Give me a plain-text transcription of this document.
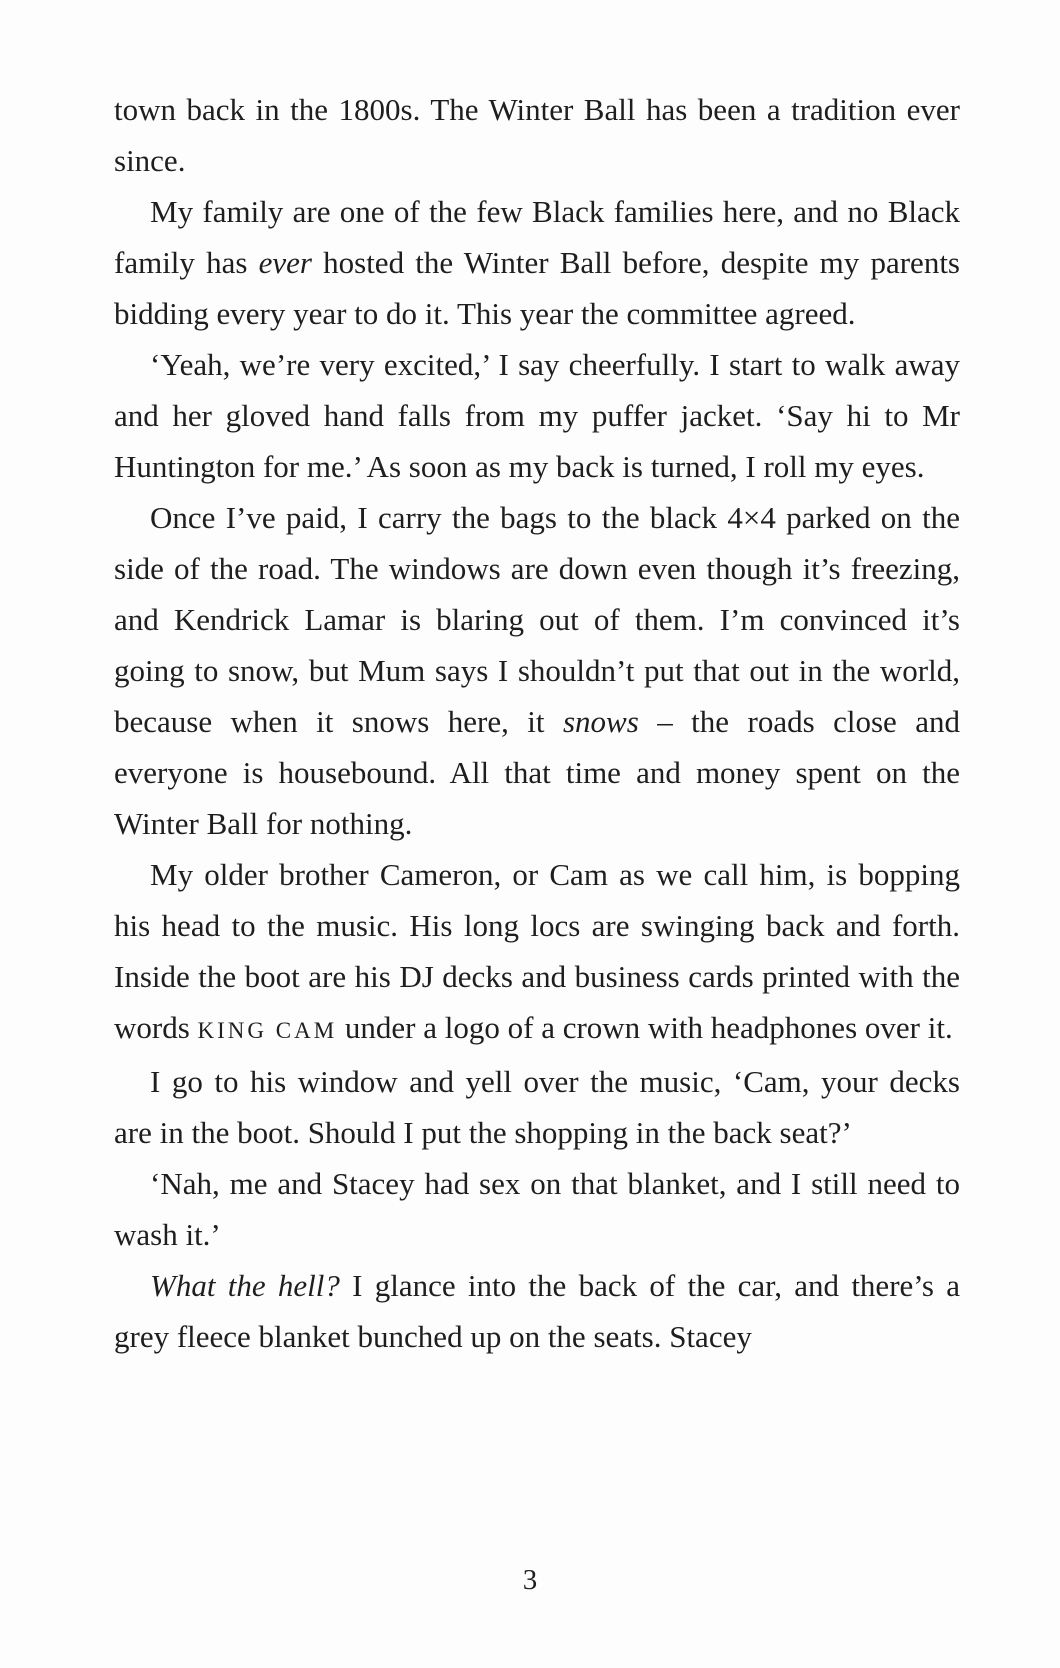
town back in the 1800s. The Winter Ball has been a tradition ever since.

My family are one of the few Black families here, and no Black family has ever hosted the Winter Ball before, despite my parents bidding every year to do it. This year the committee agreed.

‘Yeah, we’re very excited,’ I say cheerfully. I start to walk away and her gloved hand falls from my puffer jacket. ‘Say hi to Mr Huntington for me.’ As soon as my back is turned, I roll my eyes.

Once I’ve paid, I carry the bags to the black 4×4 parked on the side of the road. The windows are down even though it’s freezing, and Kendrick Lamar is blaring out of them. I’m convinced it’s going to snow, but Mum says I shouldn’t put that out in the world, because when it snows here, it snows – the roads close and everyone is housebound. All that time and money spent on the Winter Ball for nothing.

My older brother Cameron, or Cam as we call him, is bopping his head to the music. His long locs are swinging back and forth. Inside the boot are his DJ decks and business cards printed with the words KING CAM under a logo of a crown with headphones over it.

I go to his window and yell over the music, ‘Cam, your decks are in the boot. Should I put the shopping in the back seat?’

‘Nah, me and Stacey had sex on that blanket, and I still need to wash it.’

What the hell? I glance into the back of the car, and there’s a grey fleece blanket bunched up on the seats. Stacey

3
